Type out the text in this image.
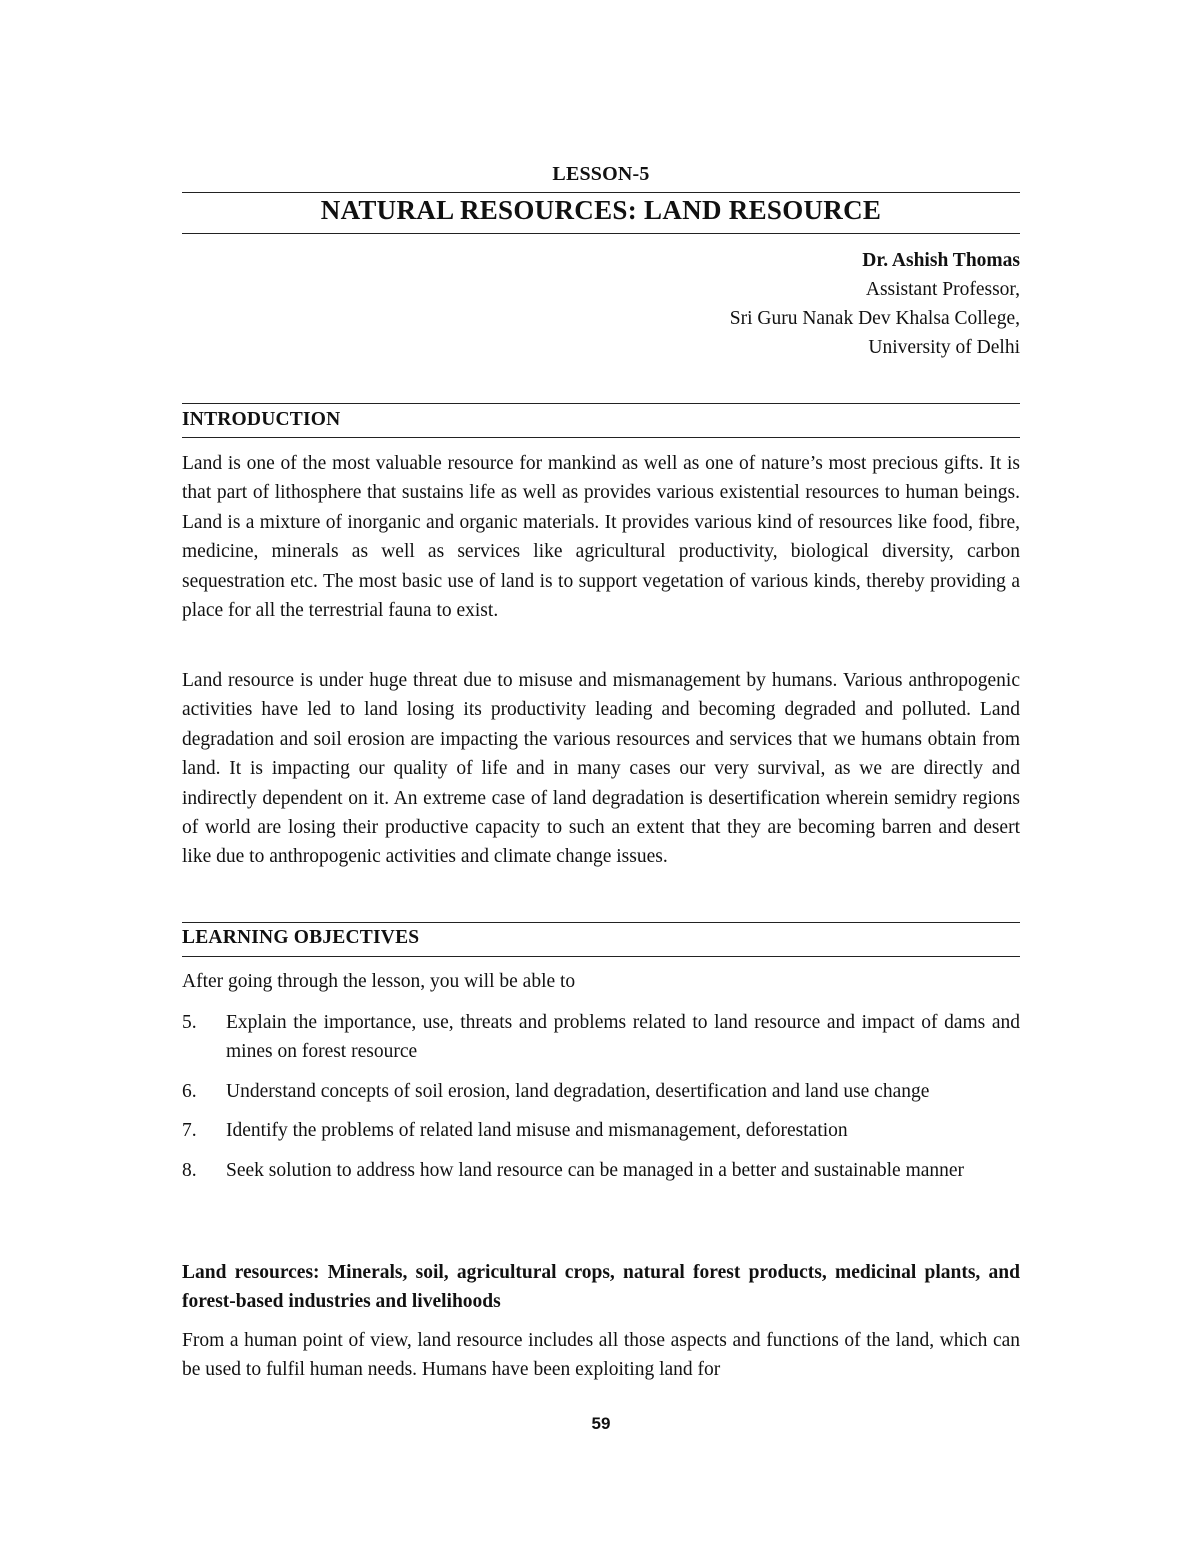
LESSON-5
NATURAL RESOURCES: LAND RESOURCE
Dr. Ashish Thomas
Assistant Professor,
Sri Guru Nanak Dev Khalsa College,
University of Delhi
INTRODUCTION

Land is one of the most valuable resource for mankind as well as one of nature’s most precious gifts. It is that part of lithosphere that sustains life as well as provides various existential resources to human beings. Land is a mixture of inorganic and organic materials. It provides various kind of resources like food, fibre, medicine, minerals as well as services like agricultural productivity, biological diversity, carbon sequestration etc. The most basic use of land is to support vegetation of various kinds, thereby providing a place for all the terrestrial fauna to exist.

Land resource is under huge threat due to misuse and mismanagement by humans. Various anthropogenic activities have led to land losing its productivity leading and becoming degraded and polluted. Land degradation and soil erosion are impacting the various resources and services that we humans obtain from land. It is impacting our quality of life and in many cases our very survival, as we are directly and indirectly dependent on it. An extreme case of land degradation is desertification wherein semidry regions of world are losing their productive capacity to such an extent that they are becoming barren and desert like due to anthropogenic activities and climate change issues.

LEARNING OBJECTIVES

After going through the lesson, you will be able to

5. Explain the importance, use, threats and problems related to land resource and impact of dams and mines on forest resource
6. Understand concepts of soil erosion, land degradation, desertification and land use change
7. Identify the problems of related land misuse and mismanagement, deforestation
8. Seek solution to address how land resource can be managed in a better and sustainable manner

Land resources: Minerals, soil, agricultural crops, natural forest products, medicinal plants, and forest-based industries and livelihoods

From a human point of view, land resource includes all those aspects and functions of the land, which can be used to fulfil human needs. Humans have been exploiting land for

59
